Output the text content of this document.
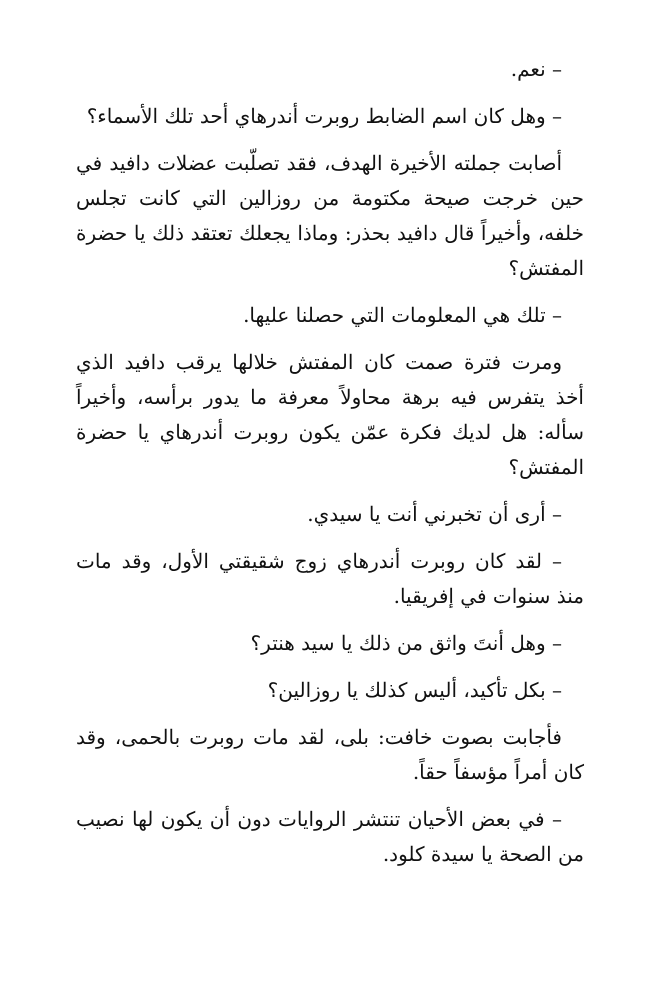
– نعم.

– وهل كان اسم الضابط روبرت أندرهاي أحد تلك الأسماء؟

أصابت جملته الأخيرة الهدف، فقد تصلّبت عضلات دافيد في حين خرجت صيحة مكتومة من روزالين التي كانت تجلس خلفه، وأخيراً قال دافيد بحذر: وماذا يجعلك تعتقد ذلك يا حضرة المفتش؟

– تلك هي المعلومات التي حصلنا عليها.

ومرت فترة صمت كان المفتش خلالها يرقب دافيد الذي أخذ يتفرس فيه برهة محاولاً معرفة ما يدور برأسه، وأخيراً سأله: هل لديك فكرة عمّن يكون روبرت أندرهاي يا حضرة المفتش؟

– أرى أن تخبرني أنت يا سيدي.

– لقد كان روبرت أندرهاي زوج شقيقتي الأول، وقد مات منذ سنوات في إفريقيا.

– وهل أنتَ واثق من ذلك يا سيد هنتر؟

– بكل تأكيد، أليس كذلك يا روزالين؟

فأجابت بصوت خافت: بلى، لقد مات روبرت بالحمى، وقد كان أمراً مؤسفاً حقاً.

– في بعض الأحيان تنتشر الروايات دون أن يكون لها نصيب من الصحة يا سيدة كلود.
